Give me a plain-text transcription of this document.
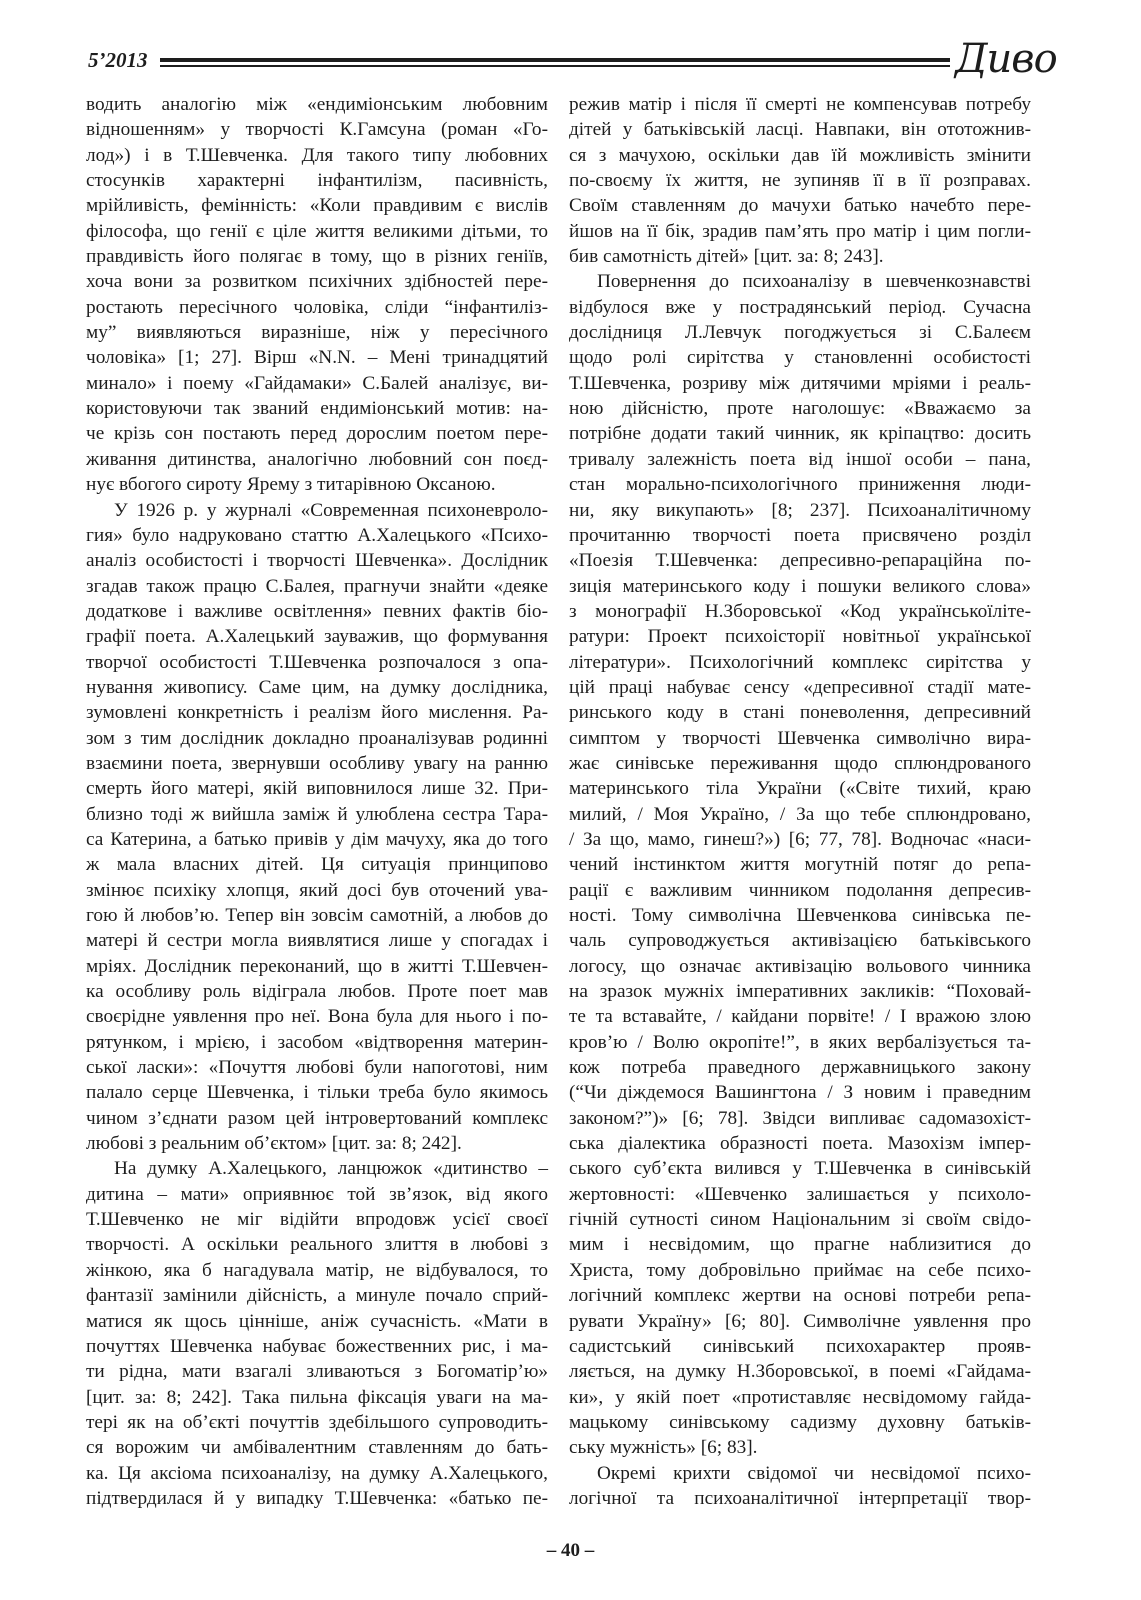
5’2013	Дивo
водить аналогію між «ендиміонським любовним
відношенням» у творчості К.Гамсуна (роман «Го-
лод») і в Т.Шевченка. Для такого типу любовних
стосунків характерні інфантилізм, пасивність,
мрійливість, фемінність: «Коли правдивим є вислів
філософа, що генії є ціле життя великими дітьми, то
правдивість його полягає в тому, що в різних геніїв,
хоча вони за розвитком психічних здібностей пере-
ростають пересічного чоловіка, сліди “інфантиліз-
му” виявляються виразніше, ніж у пересічного
чоловіка» [1; 27]. Вірш «N.N. – Мені тринадцятий
минало» і поему «Гайдамаки» С.Балей аналізує, ви-
користовуючи так званий ендиміонський мотив: на-
че крізь сон постають перед дорослим поетом пере-
живання дитинства, аналогічно любовний сон поєд-
нує вбогого сироту Ярему з титарівною Оксаною.
У 1926 р. у журналі «Современная психоневроло-
гия» було надруковано статтю А.Халецького «Психо-
аналіз особистості і творчості Шевченка». Дослідник
згадав також працю С.Балея, прагнучи знайти «деяке
додаткове і важливе освітлення» певних фактів біо-
графії поета. А.Халецький зауважив, що формування
творчої особистості Т.Шевченка розпочалося з опа-
нування живопису. Саме цим, на думку дослідника,
зумовлені конкретність і реалізм його мислення. Ра-
зом з тим дослідник докладно проаналізував родинні
взаємини поета, звернувши особливу увагу на ранню
смерть його матері, якій виповнилося лише 32. При-
близно тоді ж вийшла заміж й улюблена сестра Тара-
са Катерина, а батько привів у дім мачуху, яка до того
ж мала власних дітей. Ця ситуація принципово
змінює психіку хлопця, який досі був оточений ува-
гою й любов’ю. Тепер він зовсім самотній, а любов до
матері й сестри могла виявлятися лише у спогадах і
мріях. Дослідник переконаний, що в житті Т.Шевчен-
ка особливу роль відіграла любов. Проте поет мав
своєрідне уявлення про неї. Вона була для нього і по-
рятунком, і мрією, і засобом «відтворення материн-
ської ласки»: «Почуття любові були напоготові, ним
палало серце Шевченка, і тільки треба було якимось
чином з’єднати разом цей інтровертований комплекс
любові з реальним об’єктом» [цит. за: 8; 242].
На думку А.Халецького, ланцюжок «дитинство –
дитина – мати» оприявнює той зв’язок, від якого
Т.Шевченко не міг відійти впродовж усієї своєї
творчості. А оскільки реального злиття в любові з
жінкою, яка б нагадувала матір, не відбувалося, то
фантазії замінили дійсність, а минуле почало сприй-
матися як щось цінніше, аніж сучасність. «Мати в
почуттях Шевченка набуває божественних рис, і ма-
ти рідна, мати взагалі зливаються з Богоматір’ю»
[цит. за: 8; 242]. Така пильна фіксація уваги на ма-
тері як на об’єкті почуттів здебільшого супроводить-
ся ворожим чи амбівалентним ставленням до бать-
ка. Ця аксіома психоаналізу, на думку А.Халецького,
підтвердилася й у випадку Т.Шевченка: «батько пе-
режив матір і після її смерті не компенсував потребу
дітей у батьківській ласці. Навпаки, він ототожнив-
ся з мачухою, оскільки дав їй можливість змінити
по-своєму їх життя, не зупиняв її в її розправах.
Своїм ставленням до мачухи батько начебто пере-
йшов на її бік, зрадив пам’ять про матір і цим погли-
бив самотність дітей» [цит. за: 8; 243].
Повернення до психоаналізу в шевченкознавстві
відбулося вже у пострадянський період. Сучасна
дослідниця Л.Левчук погоджується зі С.Балеєм
щодо ролі сирітства у становленні особистості
Т.Шевченка, розриву між дитячими мріями і реаль-
ною дійсністю, проте наголошує: «Вважаємо за
потрібне додати такий чинник, як кріпацтво: досить
тривалу залежність поета від іншої особи – пана,
стан морально-психологічного приниження люди-
ни, яку викупають» [8; 237]. Психоаналітичному
прочитанню творчості поета присвячено розділ
«Поезія Т.Шевченка: депресивно-репараційна по-
зиція материнського коду і пошуки великого слова»
з монографії Н.Зборовської «Код українськоїліте-
ратури: Проект психоісторії новітньої української
літератури». Психологічний комплекс сирітства у
цій праці набуває сенсу «депресивної стадії мате-
ринського коду в стані поневолення, депресивний
симптом у творчості Шевченка символічно вира-
жає синівське переживання щодо сплюндрованого
материнського тіла України («Світе тихий, краю
милий, / Моя Україно, / За що тебе сплюндровано,
/ За що, мамо, гинеш?») [6; 77, 78]. Водночас «наси-
чений інстинктом життя могутній потяг до репа-
рації є важливим чинником подолання депресив-
ності. Тому символічна Шевченкова синівська пе-
чаль супроводжується активізацією батьківського
логосу, що означає активізацію вольового чинника
на зразок мужніх імперативних закликів: “Поховай-
те та вставайте, / кайдани порвіте! / І вражою злою
кров’ю / Волю окропіте!”, в яких вербалізується та-
кож потреба праведного державницького закону
(“Чи діждемося Вашингтона / З новим і праведним
законом?”)» [6; 78]. Звідси випливає садомазохіст-
ська діалектика образності поета. Мазохізм імпер-
ського суб’єкта вилився у Т.Шевченка в синівській
жертовності: «Шевченко залишається у психоло-
гічній сутності сином Національним зі своїм свідо-
мим і несвідомим, що прагне наблизитися до
Христа, тому добровільно приймає на себе психо-
логічний комплекс жертви на основі потреби репа-
рувати Україну» [6; 80]. Символічне уявлення про
садистський синівський психохарактер прояв-
ляється, на думку Н.Зборовської, в поемі «Гайдама-
ки», у якій поет «протиставляє несвідомому гайда-
мацькому синівському садизму духовну батьків-
ську мужність» [6; 83].
Окремі крихти свідомої чи несвідомої психо-
логічної та психоаналітичної інтерпретації твор-
– 40 –
